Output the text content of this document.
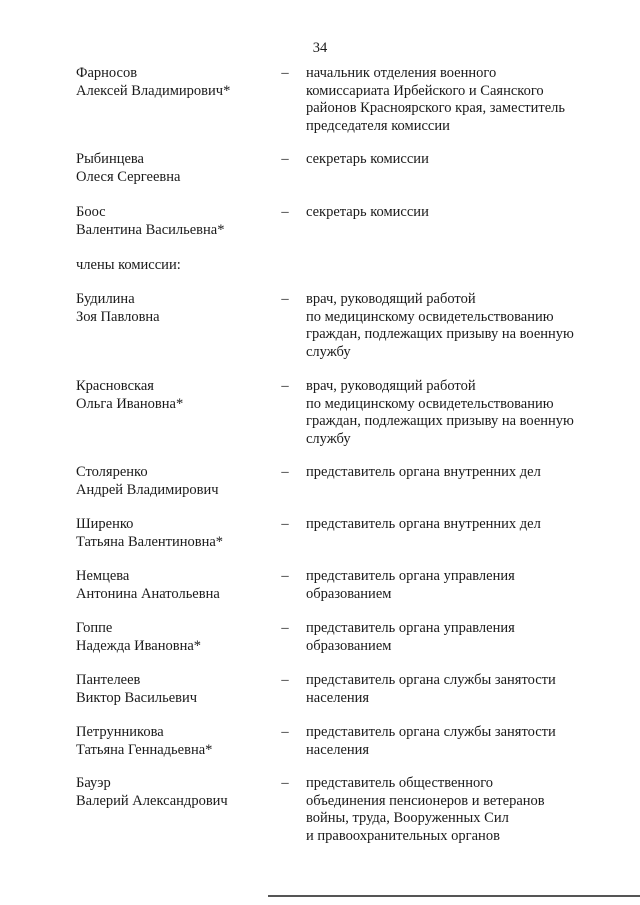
34
Фарносов
Алексей Владимирович*
– начальник отделения военного
комиссариата Ирбейского и Саянского
районов Красноярского края, заместитель
председателя комиссии
Рыбинцева
Олеся Сергеевна
– секретарь комиссии
Боос
Валентина Васильевна*
– секретарь комиссии
члены комиссии:
Будилина
Зоя Павловна
– врач, руководящий работой
по медицинскому освидетельствованию
граждан, подлежащих призыву на военную
службу
Красновская
Ольга Ивановна*
– врач, руководящий работой
по медицинскому освидетельствованию
граждан, подлежащих призыву на военную
службу
Столяренко
Андрей Владимирович
– представитель органа внутренних дел
Ширенко
Татьяна Валентиновна*
– представитель органа внутренних дел
Немцева
Антонина Анатольевна
– представитель органа управления
образованием
Гоппе
Надежда Ивановна*
– представитель органа управления
образованием
Пантелеев
Виктор Васильевич
– представитель органа службы занятости
населения
Петрунникова
Татьяна Геннадьевна*
– представитель органа службы занятости
населения
Бауэр
Валерий Александрович
– представитель общественного
объединения пенсионеров и ветеранов
войны, труда, Вооруженных Сил
и правоохранительных органов
